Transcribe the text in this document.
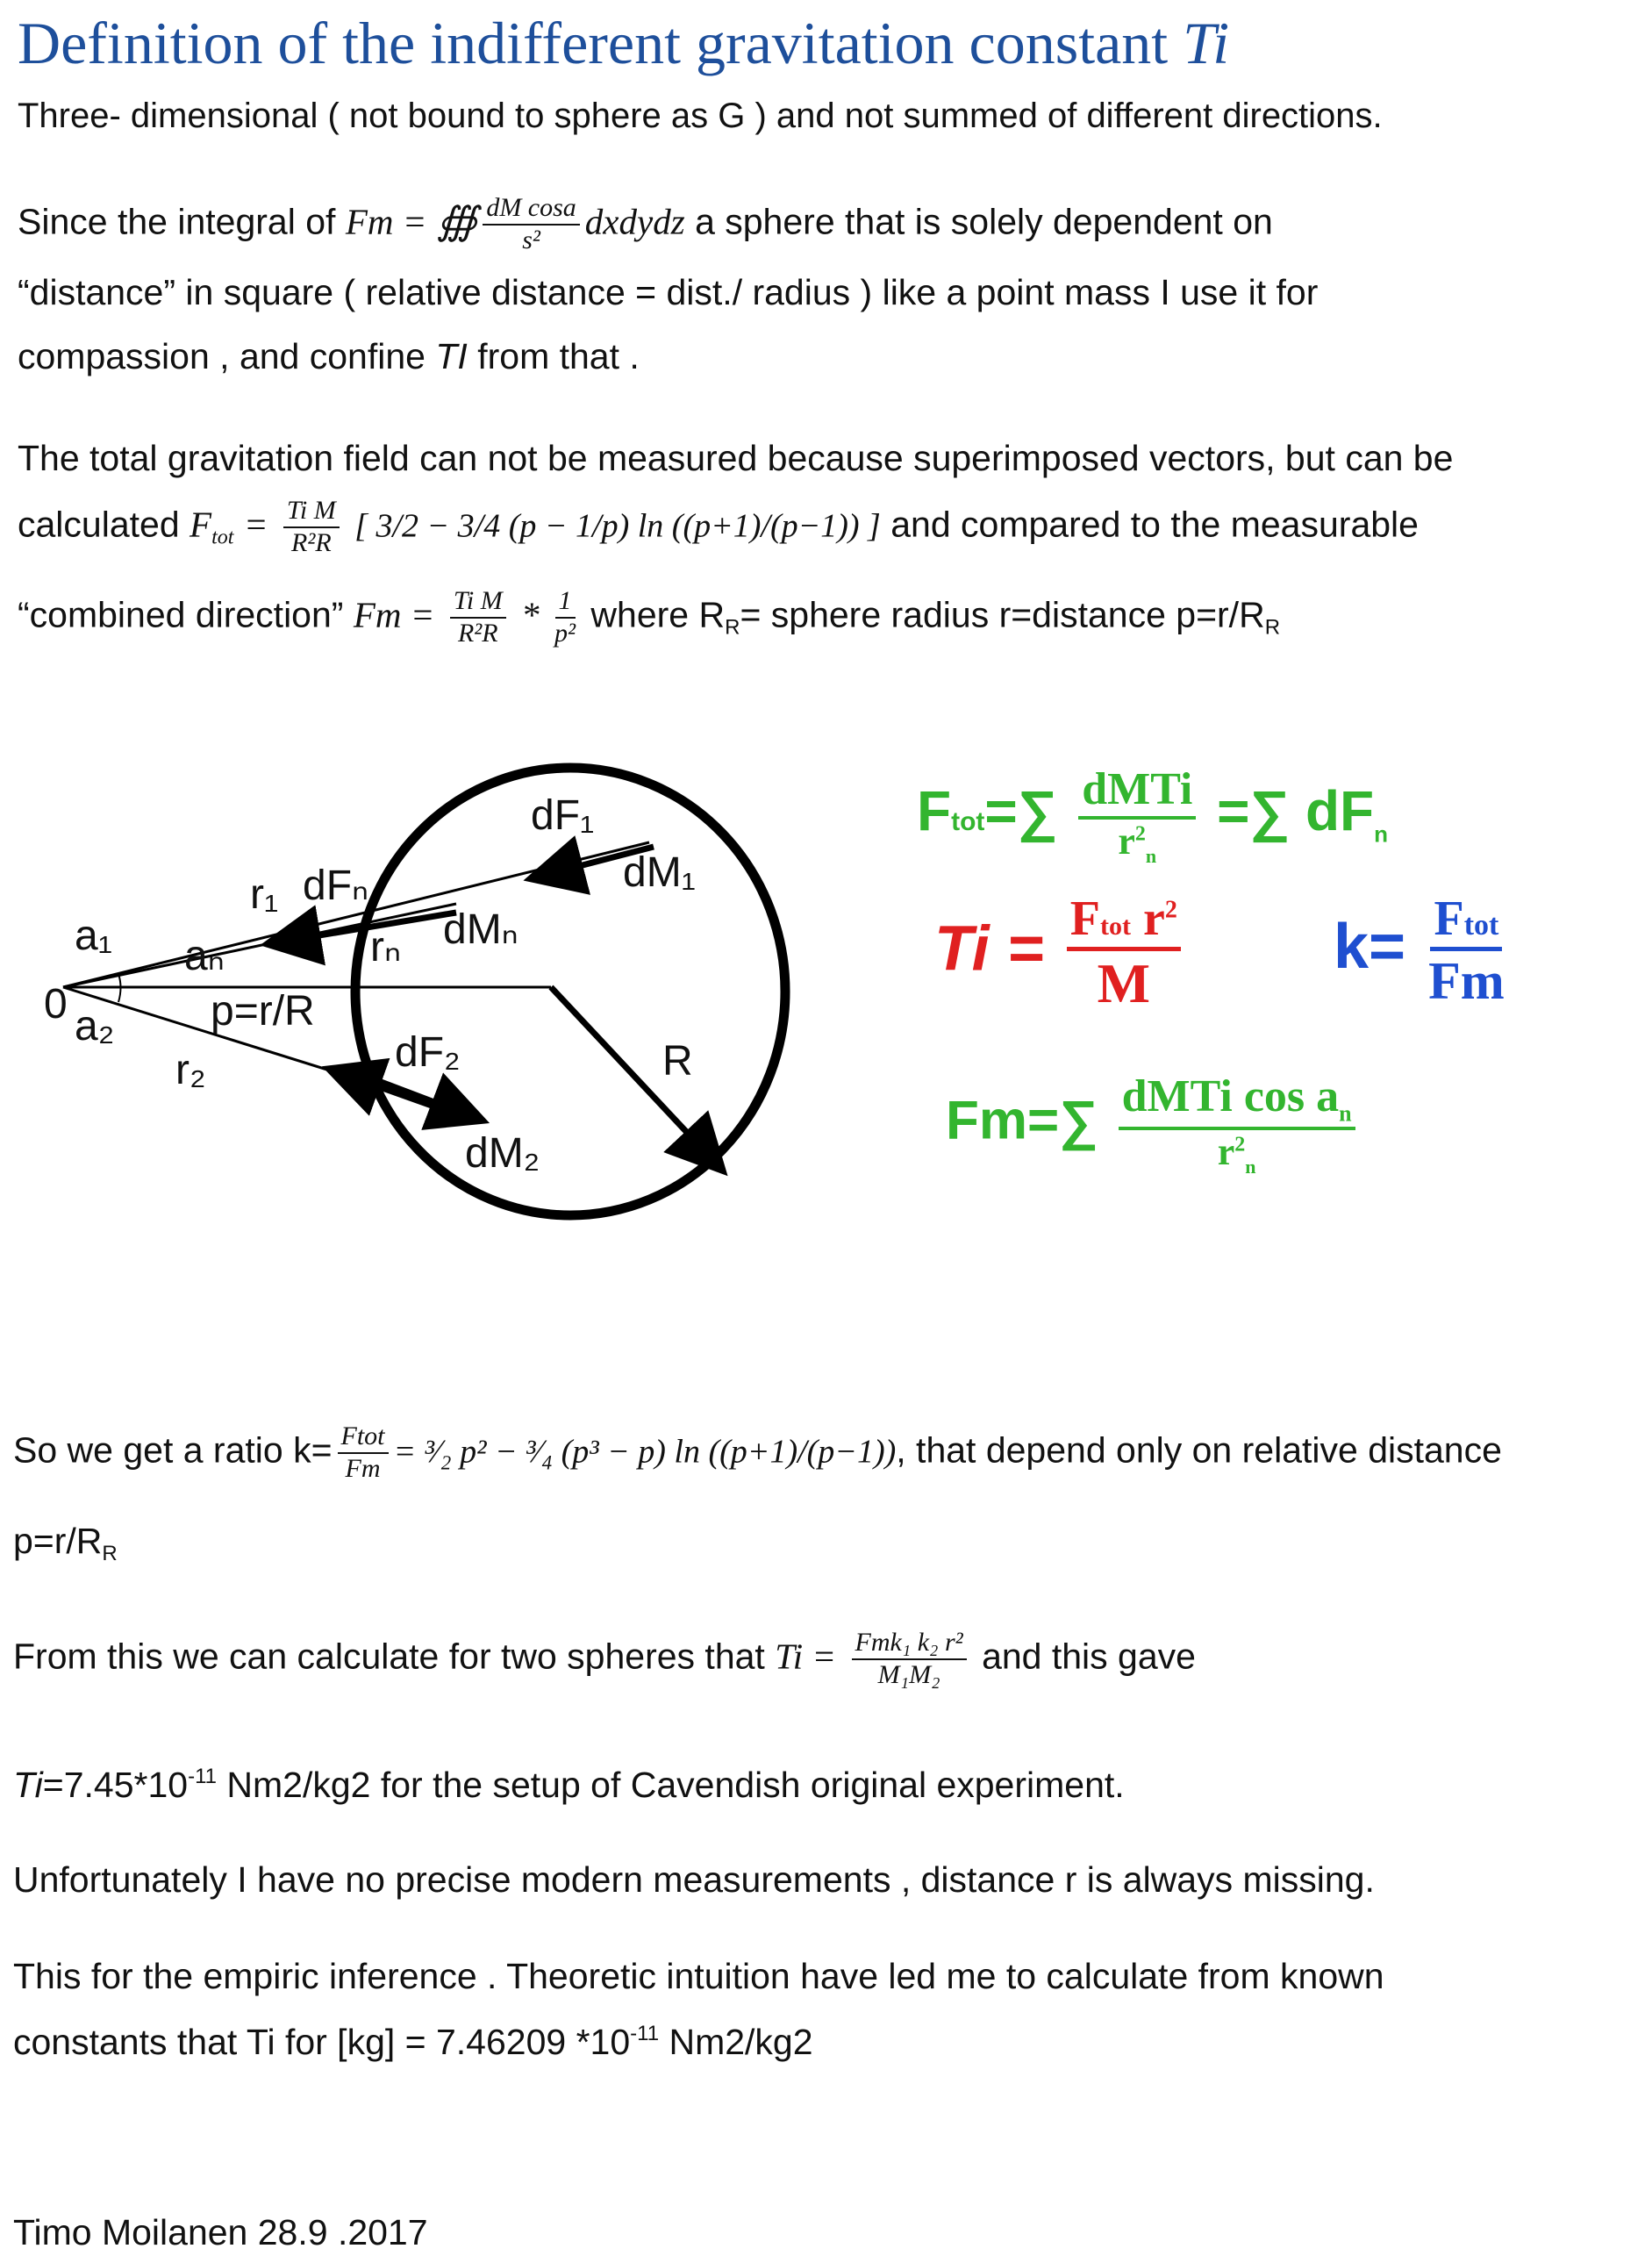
Definition of the indifferent gravitation constant Ti
Three- dimensional ( not bound to sphere as G ) and not summed of different directions.
Since the integral of Fm = ∰ $\frac{\text{dM cosa}}{\text{s²}}$ dxdydz a sphere that is solely dependent on
“distance” in square ( relative distance = dist./ radius ) like a point mass I use it for
compassion , and confine TI from that .
The total gravitation field can not be measured because superimposed vectors, but can be
calculated $F_{tot} = \frac{\text{Ti M}}{\text{R²R}}$ [ 3/2 − 3/4 (p − 1/p) ln ((p+1)/(p−1)) ] and compared to the measurable
“combined direction” $Fm = \frac{\text{Ti M}}{\text{R²R}} * \frac{1}{\text{p²}}$ where $R_R=$ sphere radius r=distance $p=r/R_R$
dF₁
dM₁
r₁ dFₙ
a₁ aₙ	rₙ dMₙ
0 a₂ p=r/R
r₂	dF₂	R
dM₂
Ftot=∑ $\frac{\text{dMTi}}{r^2_n}$ =∑ $dF_n$
$Ti = \frac{Ftot r^2}{M} k= \frac{\text{Ftot}}{Fm}$
$Fm=\sum \frac{dMTi \cos a_n}{r^2_n}$
So we get a ratio $k= \frac{\text{Ftot}}{Fm}$ = ³⁄₂ p² − ³⁄₄ (p³ − p) ln ((p+1)/(p−1)), that depend only on relative distance
$p=r/R_R$
From this we can calculate for two spheres that $Ti = \frac{\text{Fmk₁ k₂ r²}}{\text{M₁M₂}}$ and this gave
$Ti=7.45*10^{-11}$ Nm2/kg2 for the setup of Cavendish original experiment.
Unfortunately I have no precise modern measurements , distance r is always missing.
This for the empiric inference . Theoretic intuition have led me to calculate from known
constants that Ti for [kg] = 7.46209 $*10^{-11}$ Nm2/kg2
Timo Moilanen 28.9 .2017
